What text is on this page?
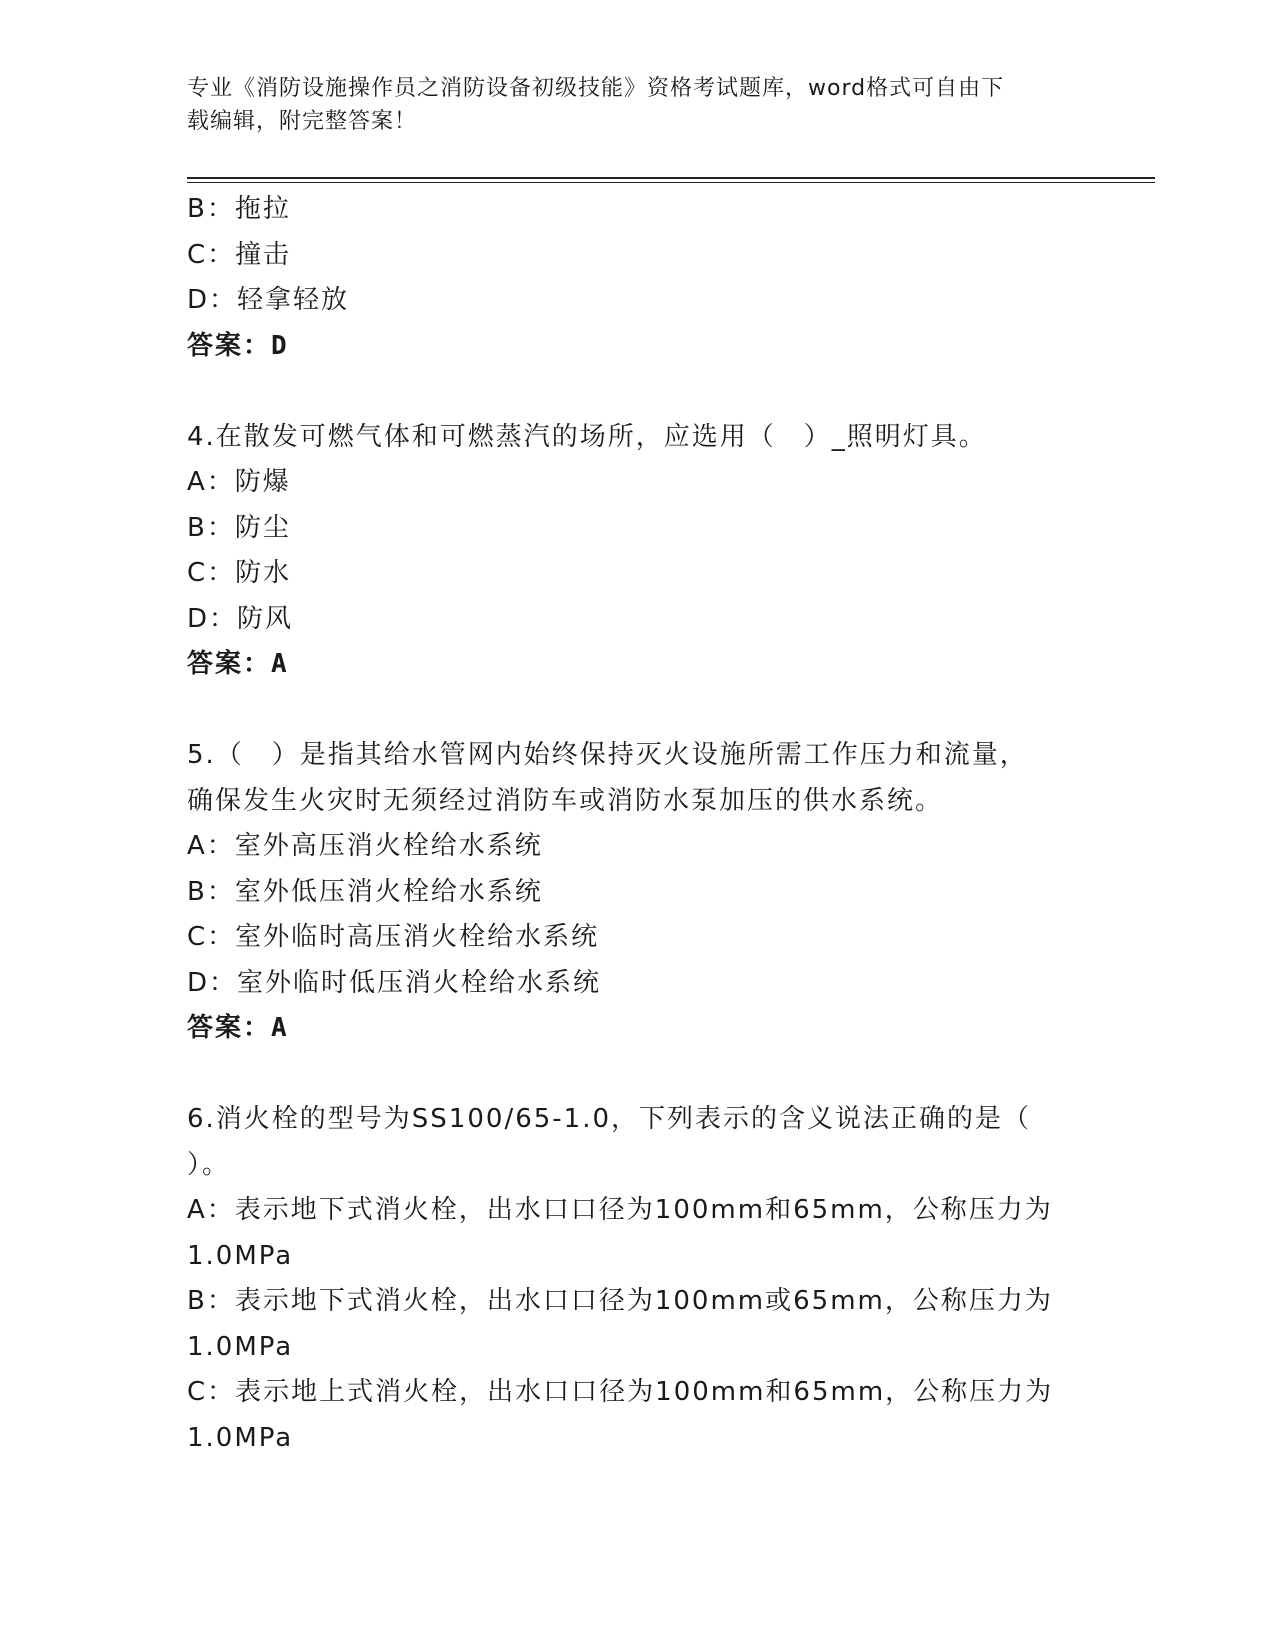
专业《消防设施操作员之消防设备初级技能》资格考试题库，word格式可自由下
载编辑，附完整答案！
B：拖拉
C：撞击
D：轻拿轻放
答案：D
4.在散发可燃气体和可燃蒸汽的场所，应选用（　）_照明灯具。
A：防爆
B：防尘
C：防水
D：防风
答案：A
5.（　）是指其给水管网内始终保持灭火设施所需工作压力和流量，
确保发生火灾时无须经过消防车或消防水泵加压的供水系统。
A：室外高压消火栓给水系统
B：室外低压消火栓给水系统
C：室外临时高压消火栓给水系统
D：室外临时低压消火栓给水系统
答案：A
6.消火栓的型号为SS100/65-1.0，下列表示的含义说法正确的是（
）。
A：表示地下式消火栓，出水口口径为100mm和65mm，公称压力为
1.0MPa
B：表示地下式消火栓，出水口口径为100mm或65mm，公称压力为
1.0MPa
C：表示地上式消火栓，出水口口径为100mm和65mm，公称压力为
1.0MPa
